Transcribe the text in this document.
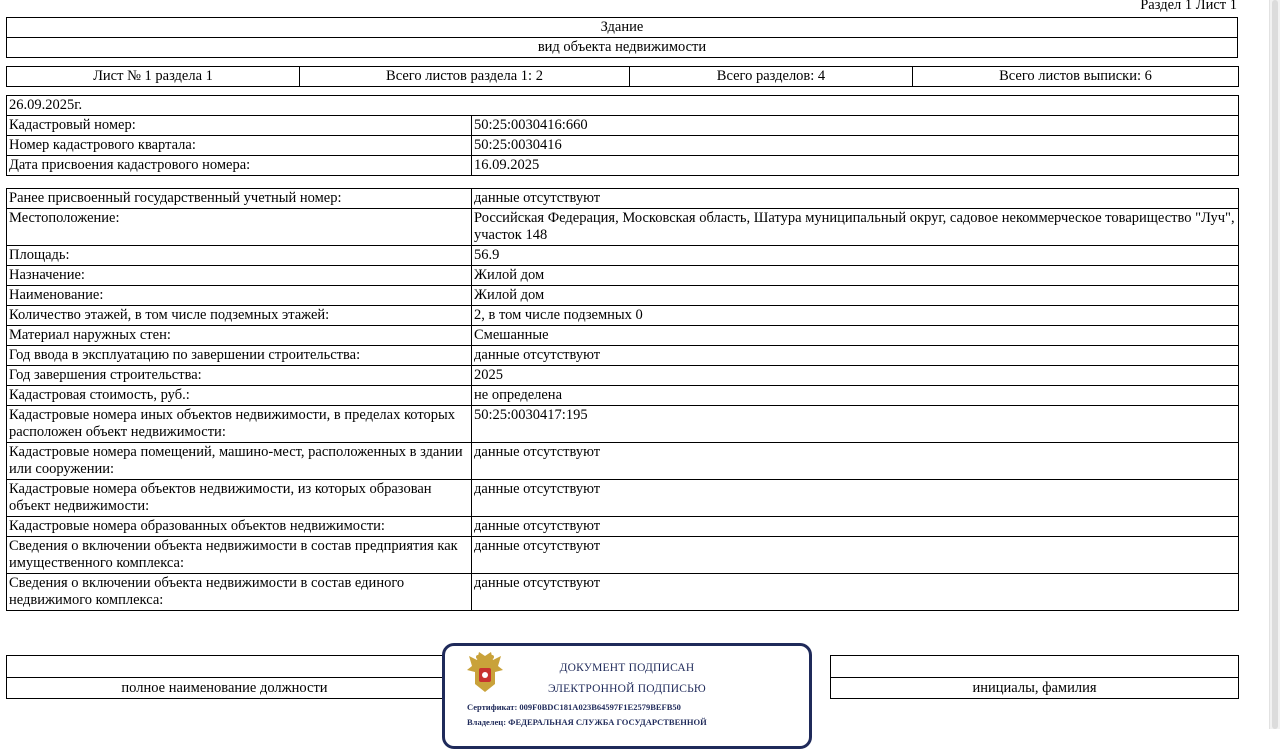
Раздел 1 Лист 1
Здание
вид объекта недвижимости
Лист № 1 раздела 1	Всего листов раздела 1: 2	Всего разделов: 4	Всего листов выписки: 6
26.09.2025г.	
Кадастровый номер:	50:25:0030416:660
Номер кадастрового квартала:	50:25:0030416
Дата присвоения кадастрового номера:	16.09.2025
Ранее присвоенный государственный учетный номер:	данные отсутствуют
Местоположение:	Российская Федерация, Московская область, Шатура муниципальный округ, садовое некоммерческое товарищество "Луч", участок 148
Площадь:	56.9
Назначение:	Жилой дом
Наименование:	Жилой дом
Количество этажей, в том числе подземных этажей:	2, в том числе подземных 0
Материал наружных стен:	Смешанные
Год ввода в эксплуатацию по завершении строительства:	данные отсутствуют
Год завершения строительства:	2025
Кадастровая стоимость, руб.:	не определена
Кадастровые номера иных объектов недвижимости, в пределах которых расположен объект недвижимости:	50:25:0030417:195
Кадастровые номера помещений, машино-мест, расположенных в здании или сооружении:	данные отсутствуют
Кадастровые номера объектов недвижимости, из которых образован объект недвижимости:	данные отсутствуют
Кадастровые номера образованных объектов недвижимости:	данные отсутствуют
Сведения о включении объекта недвижимости в состав предприятия как имущественного комплекса:	данные отсутствуют
Сведения о включении объекта недвижимости в состав единого недвижимого комплекса:	данные отсутствуют

полное наименование должности		инициалы, фамилия
ДОКУМЕНТ ПОДПИСАН
ЭЛЕКТРОННОЙ ПОДПИСЬЮ
Сертификат: 009F0BDC181A023B64597F1E2579BEFB50
Владелец: ФЕДЕРАЛЬНАЯ СЛУЖБА ГОСУДАРСТВЕННОЙ
